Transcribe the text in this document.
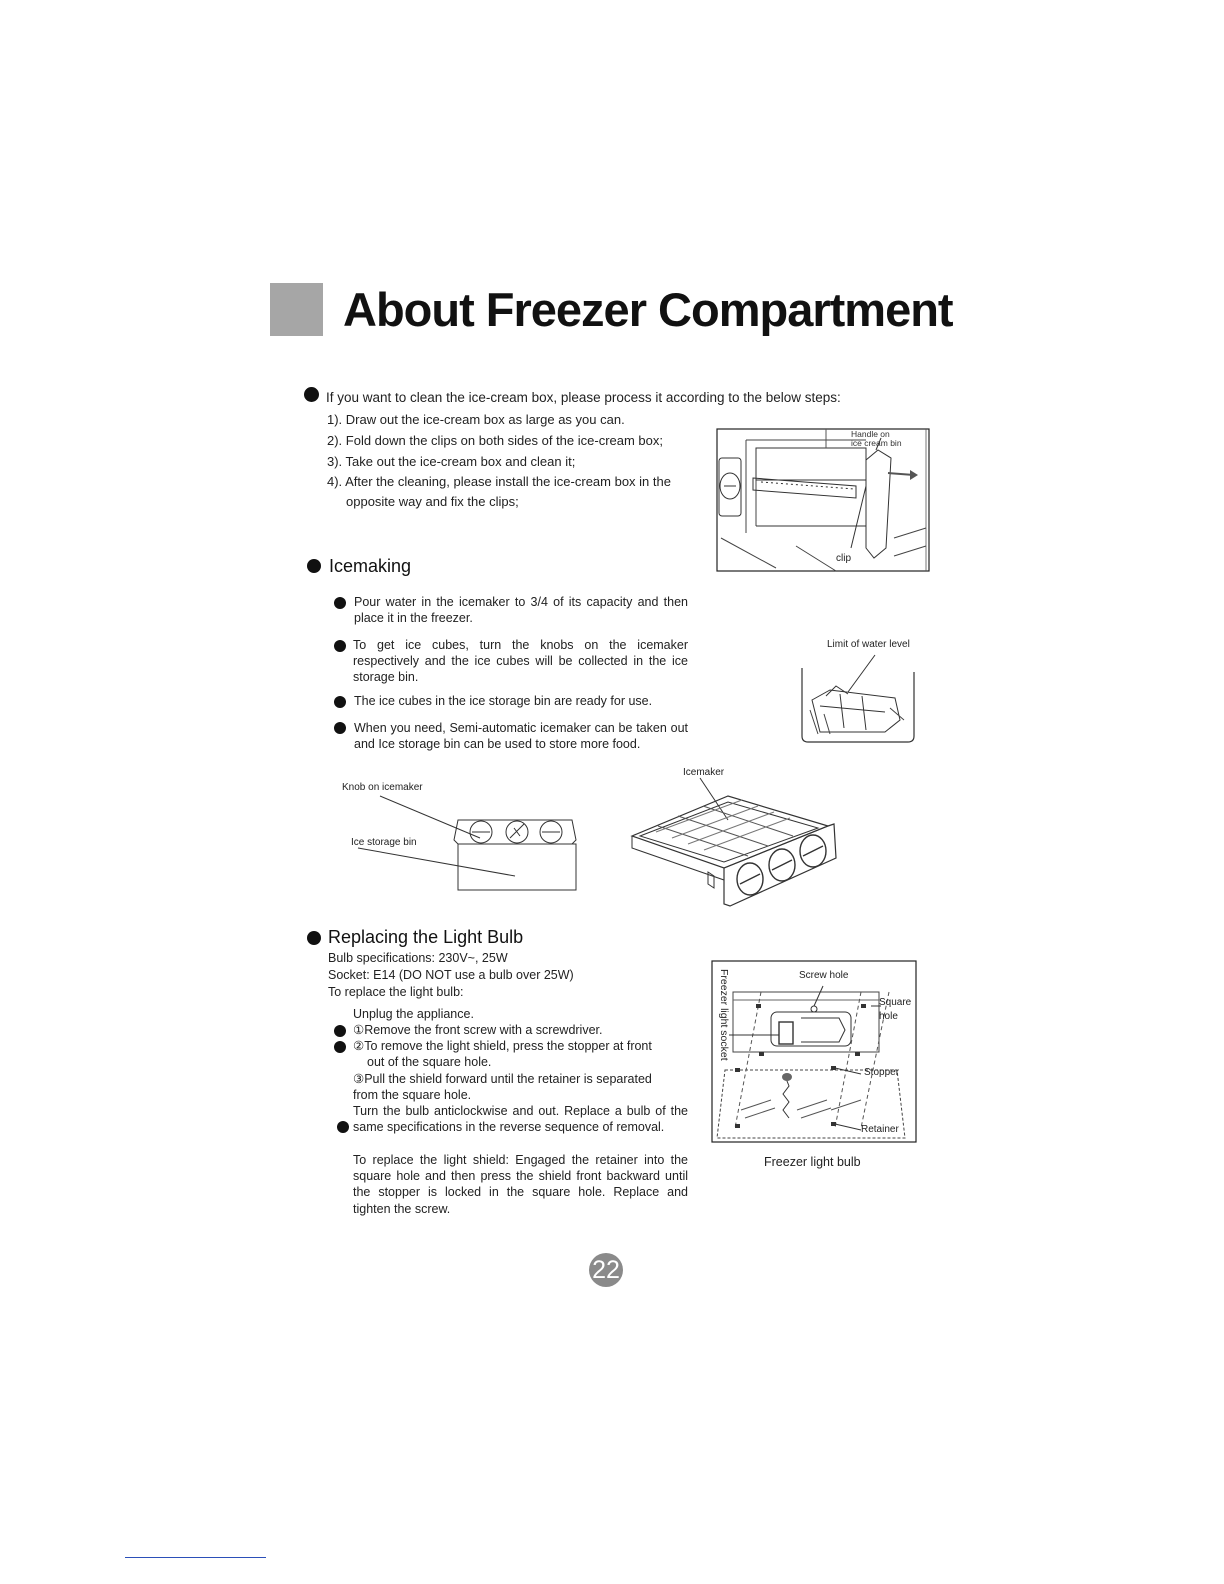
About Freezer Compartment
If you want to clean the ice-cream box, please process it according to the below steps:
1). Draw out the ice-cream box as large as you can.
2). Fold down the clips on both sides of the ice-cream box;
3). Take out the ice-cream box and clean it;
4). After the cleaning, please install the ice-cream box in the
opposite way and fix the clips;
Handle on
ice cream bin
clip
Icemaking
Pour water in the icemaker to 3/4 of its capacity and then place it in the freezer.
To get ice cubes, turn the knobs on the icemaker respectively and the ice cubes will be collected in the ice storage bin.
The ice cubes in the ice storage bin are ready for use.
When you need, Semi-automatic icemaker can be taken out and Ice storage bin can be used to store more food.
Limit of water level
Icemaker
Knob on icemaker
Ice storage bin
Replacing the Light Bulb
Bulb specifications: 230V~, 25W
Socket: E14 (DO NOT use a bulb over 25W)
To replace the light bulb:
Unplug the appliance.
①Remove the front screw with a screwdriver.
②To remove the light shield, press the stopper at front
out of the square hole.
③Pull the shield forward until the retainer is separated
from the square hole.
Turn the bulb anticlockwise and out. Replace a bulb of the same specifications in the reverse sequence of removal.
To replace the light shield: Engaged the retainer into the square hole and then press the shield front backward until the stopper is locked in the square hole. Replace and tighten the screw.
Screw hole
Square
hole
Stopper
Retainer
Freezer light socket
Freezer light bulb
22
